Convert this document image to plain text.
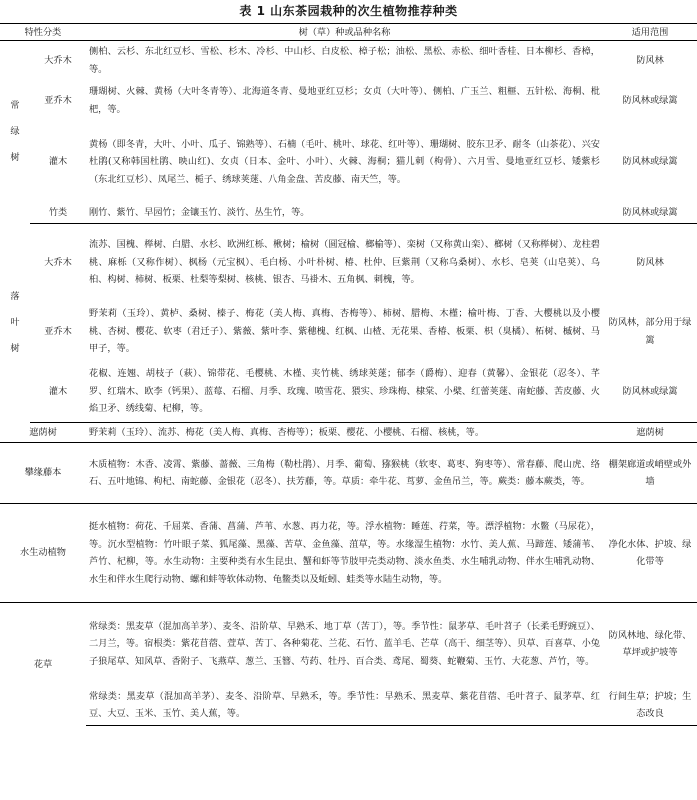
表 1 山东茶园栽种的次生植物推荐种类
特性分类		树（草）种或品种名称	适用范围
常绿树	大乔木	侧柏、云杉、东北红豆杉、雪松、杉木、冷杉、中山杉、白皮松、樟子松；油松、黑松、赤松、细叶香桂、日本柳杉、香樟，等。	防风林
	亚乔木	珊瑚树、火棘、黄杨（大叶冬青等）、北海道冬青、曼地亚红豆杉；女贞（大叶等）、侧柏、广玉兰、粗榧、五针松、海桐、枇杷，等。	防风林或绿篱
	灌木	黄杨（即冬青，大叶、小叶、瓜子、锦熟等）、石楠（毛叶、桃叶、球花、红叶等）、珊瑚树、胶东卫矛、耐冬（山茶花）、兴安杜鹃(又称韩国杜鹃、映山红)、女贞（日本、金叶、小叶）、火棘、海桐；猫儿刺（枸骨）、六月雪、曼地亚红豆杉、矮紫杉（东北红豆杉）、凤尾兰、栀子、绣球荚蒾、八角金盘、苦皮藤、南天竺，等。	防风林或绿篱
	竹类	刚竹、紫竹、早园竹；金镶玉竹、淡竹、丛生竹，等。	防风林或绿篱
落叶树	大乔木	流苏、国槐、榉树、白腊、水杉、欧洲红栎、楸树；榆树（圆冠榆、榔榆等）、栾树（又称黄山栾）、榔树（又称榉树）、龙柱碧桃、麻栎（又称作树）、枫杨（元宝枫）、毛白杨、小叶朴树、椿、杜仲、巨紫荆（又称乌桑树）、水杉、皂荚（山皂荚）、乌桕、构树、柿树、板栗、杜梨等梨树、核桃、银杏、马褂木、五角枫、刺槐，等。	防风林
	亚乔木	野茉莉（玉玲）、黄栌、桑树、榛子、梅花（美人梅、真梅、杏梅等）、柿树、腊梅、木槿；榆叶梅、丁香、大樱桃以及小樱桃、杏树、樱花、软枣（君迁子）、紫薇、紫叶李、紫穗槐、红枫、山楂、无花果、香椿、板栗、枳（臭橘）、柘树、槭树、马甲子，等。	防风林，部分用于绿篱
	灌木	花椒、连翘、胡枝子（萩）、锦带花、毛樱桃、木槿、夹竹桃、绣球荚蒾；郁李（爵梅）、迎春（黄馨）、金银花（忍冬）、芊罗、红瑞木、欧李（钙果）、蓝莓、石榴、月季、玫瑰、喷雪花、猥实、珍珠梅、棣棠、小檗、红蕾荚蒾、南蛇藤、苦皮藤、火焰卫矛、绣线菊、杞柳，等。	防风林或绿篱
遮荫树		野茉莉（玉玲）、流苏、梅花（美人梅、真梅、杏梅等）；板栗、樱花、小樱桃、石榴、核桃，等。	遮荫树
攀缘藤本		木质植物：木香、凌霄、紫藤、蔷薇、三角梅（勒杜鹃）、月季、葡萄、猕猴桃（软枣、葛枣、狗枣等）、常春藤、爬山虎、络石、五叶地锦、枸杞、南蛇藤、金银花（忍冬）、扶芳藤，等。草质：牵牛花、茑萝、金鱼吊兰，等。蕨类：藤本蕨类，等。	棚架廊道或峭壁或外墙
水生动植物		挺水植物：荷花、千屈菜、香蒲、菖蒲、芦苇、水葱、再力花，等。浮水植物：睡莲、荇菜，等。漂浮植物：水鳖（马尿花），等。沉水型植物：竹叶眼子菜、狐尾藻、黑藻、苦草、金鱼藻、菹草，等。水缘湿生植物：水竹、美人蕉、马蹄莲、矮蒲苇、芦竹、杞柳，等。水生动物：主要种类有水生昆虫、蟹和虾等节肢甲壳类动物、淡水鱼类、水生哺乳动物、伴水生哺乳动物、水生和伴水生爬行动物、螺和蚌等软体动物、龟鳖类以及蚯蚓、蛙类等水陆生动物，等。	净化水体、护坡、绿化带等
花草		常绿类：黑麦草（混加高羊茅）、麦冬、沿阶草、早熟禾、地丁草（苦丁），等。季节性：鼠茅草、毛叶苕子（长柔毛野豌豆）、二月兰，等。宿根类：紫花苜蓿、萱草、苦丁、各种菊花、兰花、石竹、蓝羊毛、芒草（高干、细茎等）、贝草、百喜草、小兔子狼尾草、知风草、香附子、飞燕草、葱兰、玉簪、芍药、牡丹、百合类、鸢尾、蜀葵、蛇鞭菊、玉竹、大花葱、芦竹，等。	防风林地、绿化带、草坪或护坡等
		常绿类：黑麦草（混加高羊茅）、麦冬、沿阶草、早熟禾，等。季节性：早熟禾、黑麦草、紫花苜蓿、毛叶苕子、鼠茅草、红豆、大豆、玉米、玉竹、美人蕉，等。	行间生草；护坡；生态改良
